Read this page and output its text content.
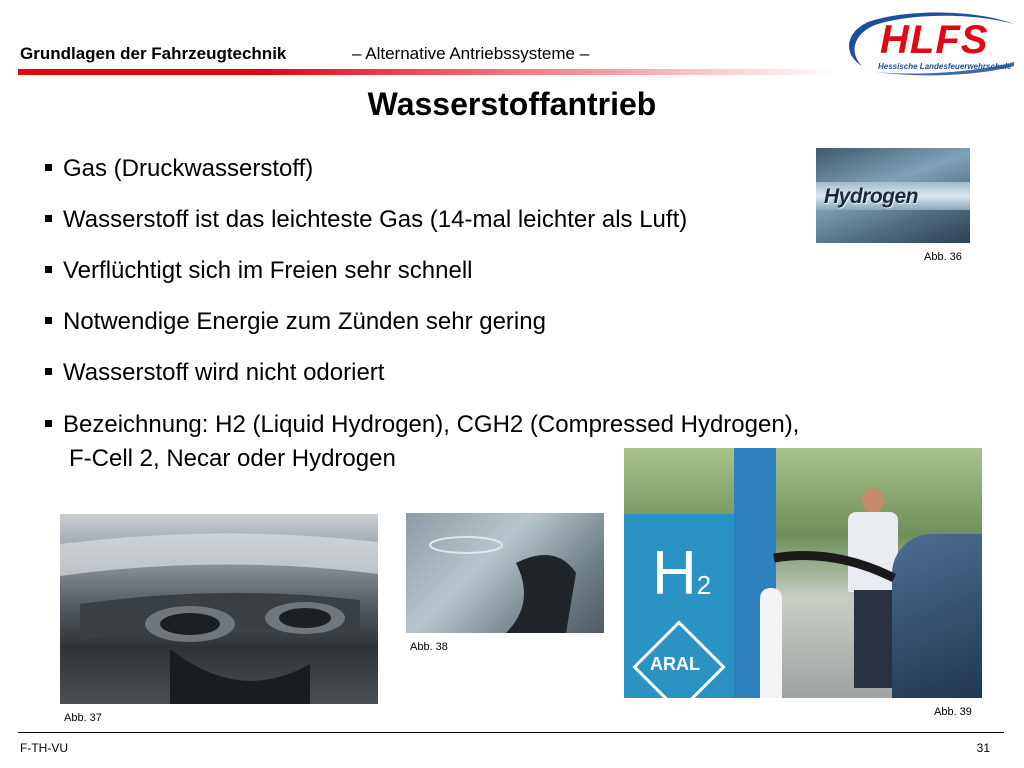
Grundlagen der Fahrzeugtechnik	– Alternative Antriebssysteme –	HLFS
Hessische Landesfeuerwehrschule
Wasserstoffantrieb
Gas (Druckwasserstoff)
Wasserstoff ist das leichteste Gas (14-mal leichter als Luft)
Verflüchtigt sich im Freien sehr schnell
Notwendige Energie zum Zünden sehr gering
Wasserstoff wird nicht odoriert
Bezeichnung: H2 (Liquid Hydrogen), CGH2 (Compressed Hydrogen),
F-Cell 2, Necar oder Hydrogen
Hydrogen
Abb. 36
Abb. 37
Abb. 38
H2
ARAL
Abb. 39
F-TH-VU	31
